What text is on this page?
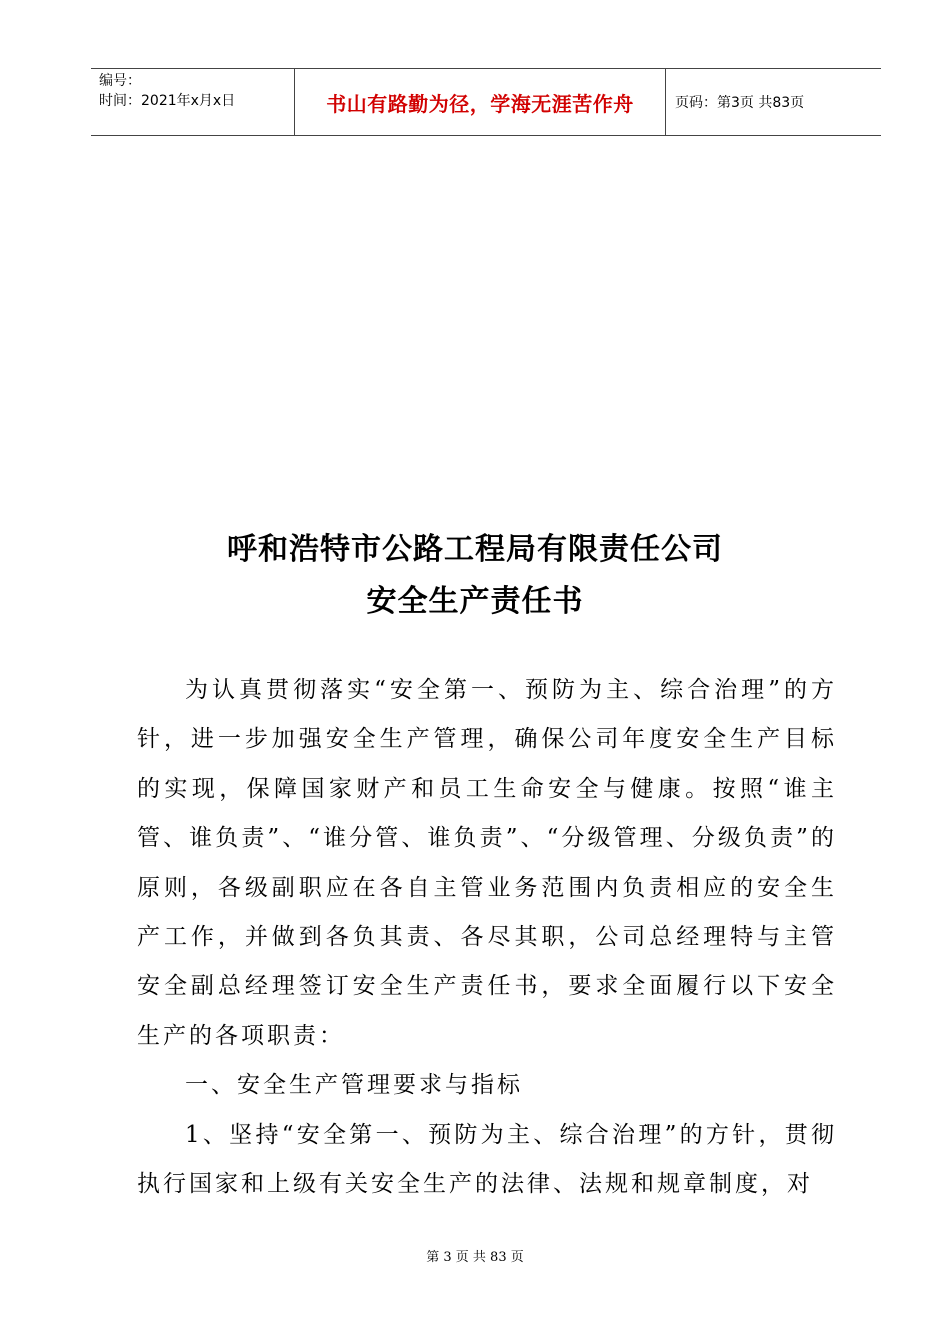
编号：
时间：2021年x月x日	书山有路勤为径，学海无涯苦作舟	页码：第3页 共83页
呼和浩特市公路工程局有限责任公司
安全生产责任书

为认真贯彻落实“安全第一、预防为主、综合治理”的方针，进一步加强安全生产管理，确保公司年度安全生产目标的实现，保障国家财产和员工生命安全与健康。按照“谁主管、谁负责”、“谁分管、谁负责”、“分级管理、分级负责”的原则，各级副职应在各自主管业务范围内负责相应的安全生产工作，并做到各负其责、各尽其职，公司总经理特与主管安全副总经理签订安全生产责任书，要求全面履行以下安全生产的各项职责：

一、安全生产管理要求与指标

1、坚持“安全第一、预防为主、综合治理”的方针，贯彻执行国家和上级有关安全生产的法律、法规和规章制度，对

第 3 页 共 83 页
